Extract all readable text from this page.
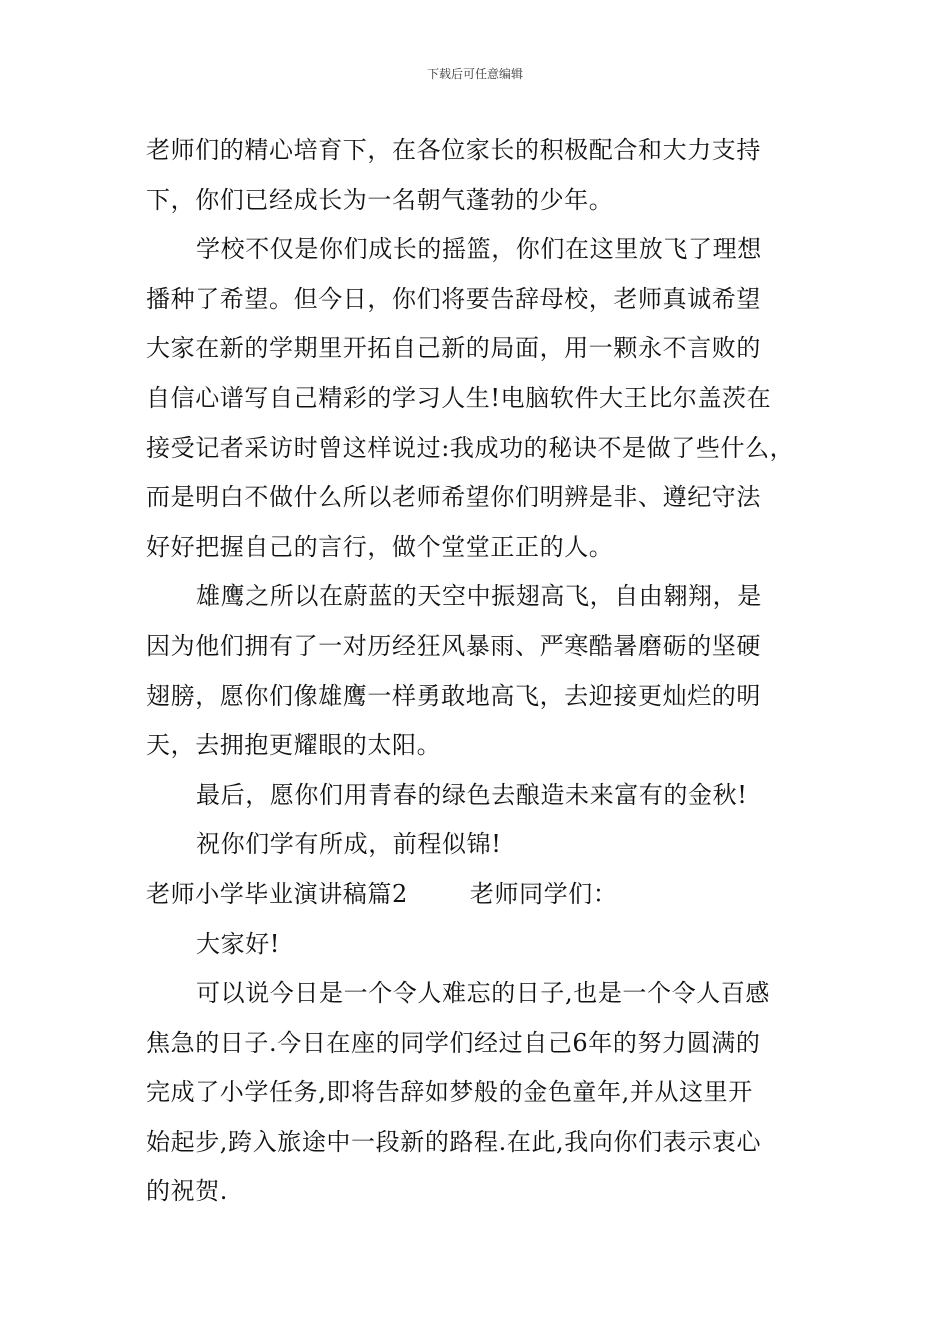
下载后可任意编辑
老师们的精心培育下，在各位家长的积极配合和大力支持
下，你们已经成长为一名朝气蓬勃的少年。
学校不仅是你们成长的摇篮，你们在这里放飞了理想
播种了希望。但今日，你们将要告辞母校，老师真诚希望
大家在新的学期里开拓自己新的局面，用一颗永不言败的
自信心谱写自己精彩的学习人生!电脑软件大王比尔盖茨在
接受记者采访时曾这样说过:我成功的秘诀不是做了些什么，
而是明白不做什么所以老师希望你们明辨是非、遵纪守法
好好把握自己的言行，做个堂堂正正的人。
雄鹰之所以在蔚蓝的天空中振翅高飞，自由翱翔，是
因为他们拥有了一对历经狂风暴雨、严寒酷暑磨砺的坚硬
翅膀，愿你们像雄鹰一样勇敢地高飞，去迎接更灿烂的明
天，去拥抱更耀眼的太阳。
最后，愿你们用青春的绿色去酿造未来富有的金秋!
祝你们学有所成，前程似锦!
老师小学毕业演讲稿篇2	老师同学们：
大家好!
可以说今日是一个令人难忘的日子,也是一个令人百感
焦急的日子.今日在座的同学们经过自己6年的努力圆满的
完成了小学任务,即将告辞如梦般的金色童年,并从这里开
始起步,跨入旅途中一段新的路程.在此,我向你们表示衷心
的祝贺.
